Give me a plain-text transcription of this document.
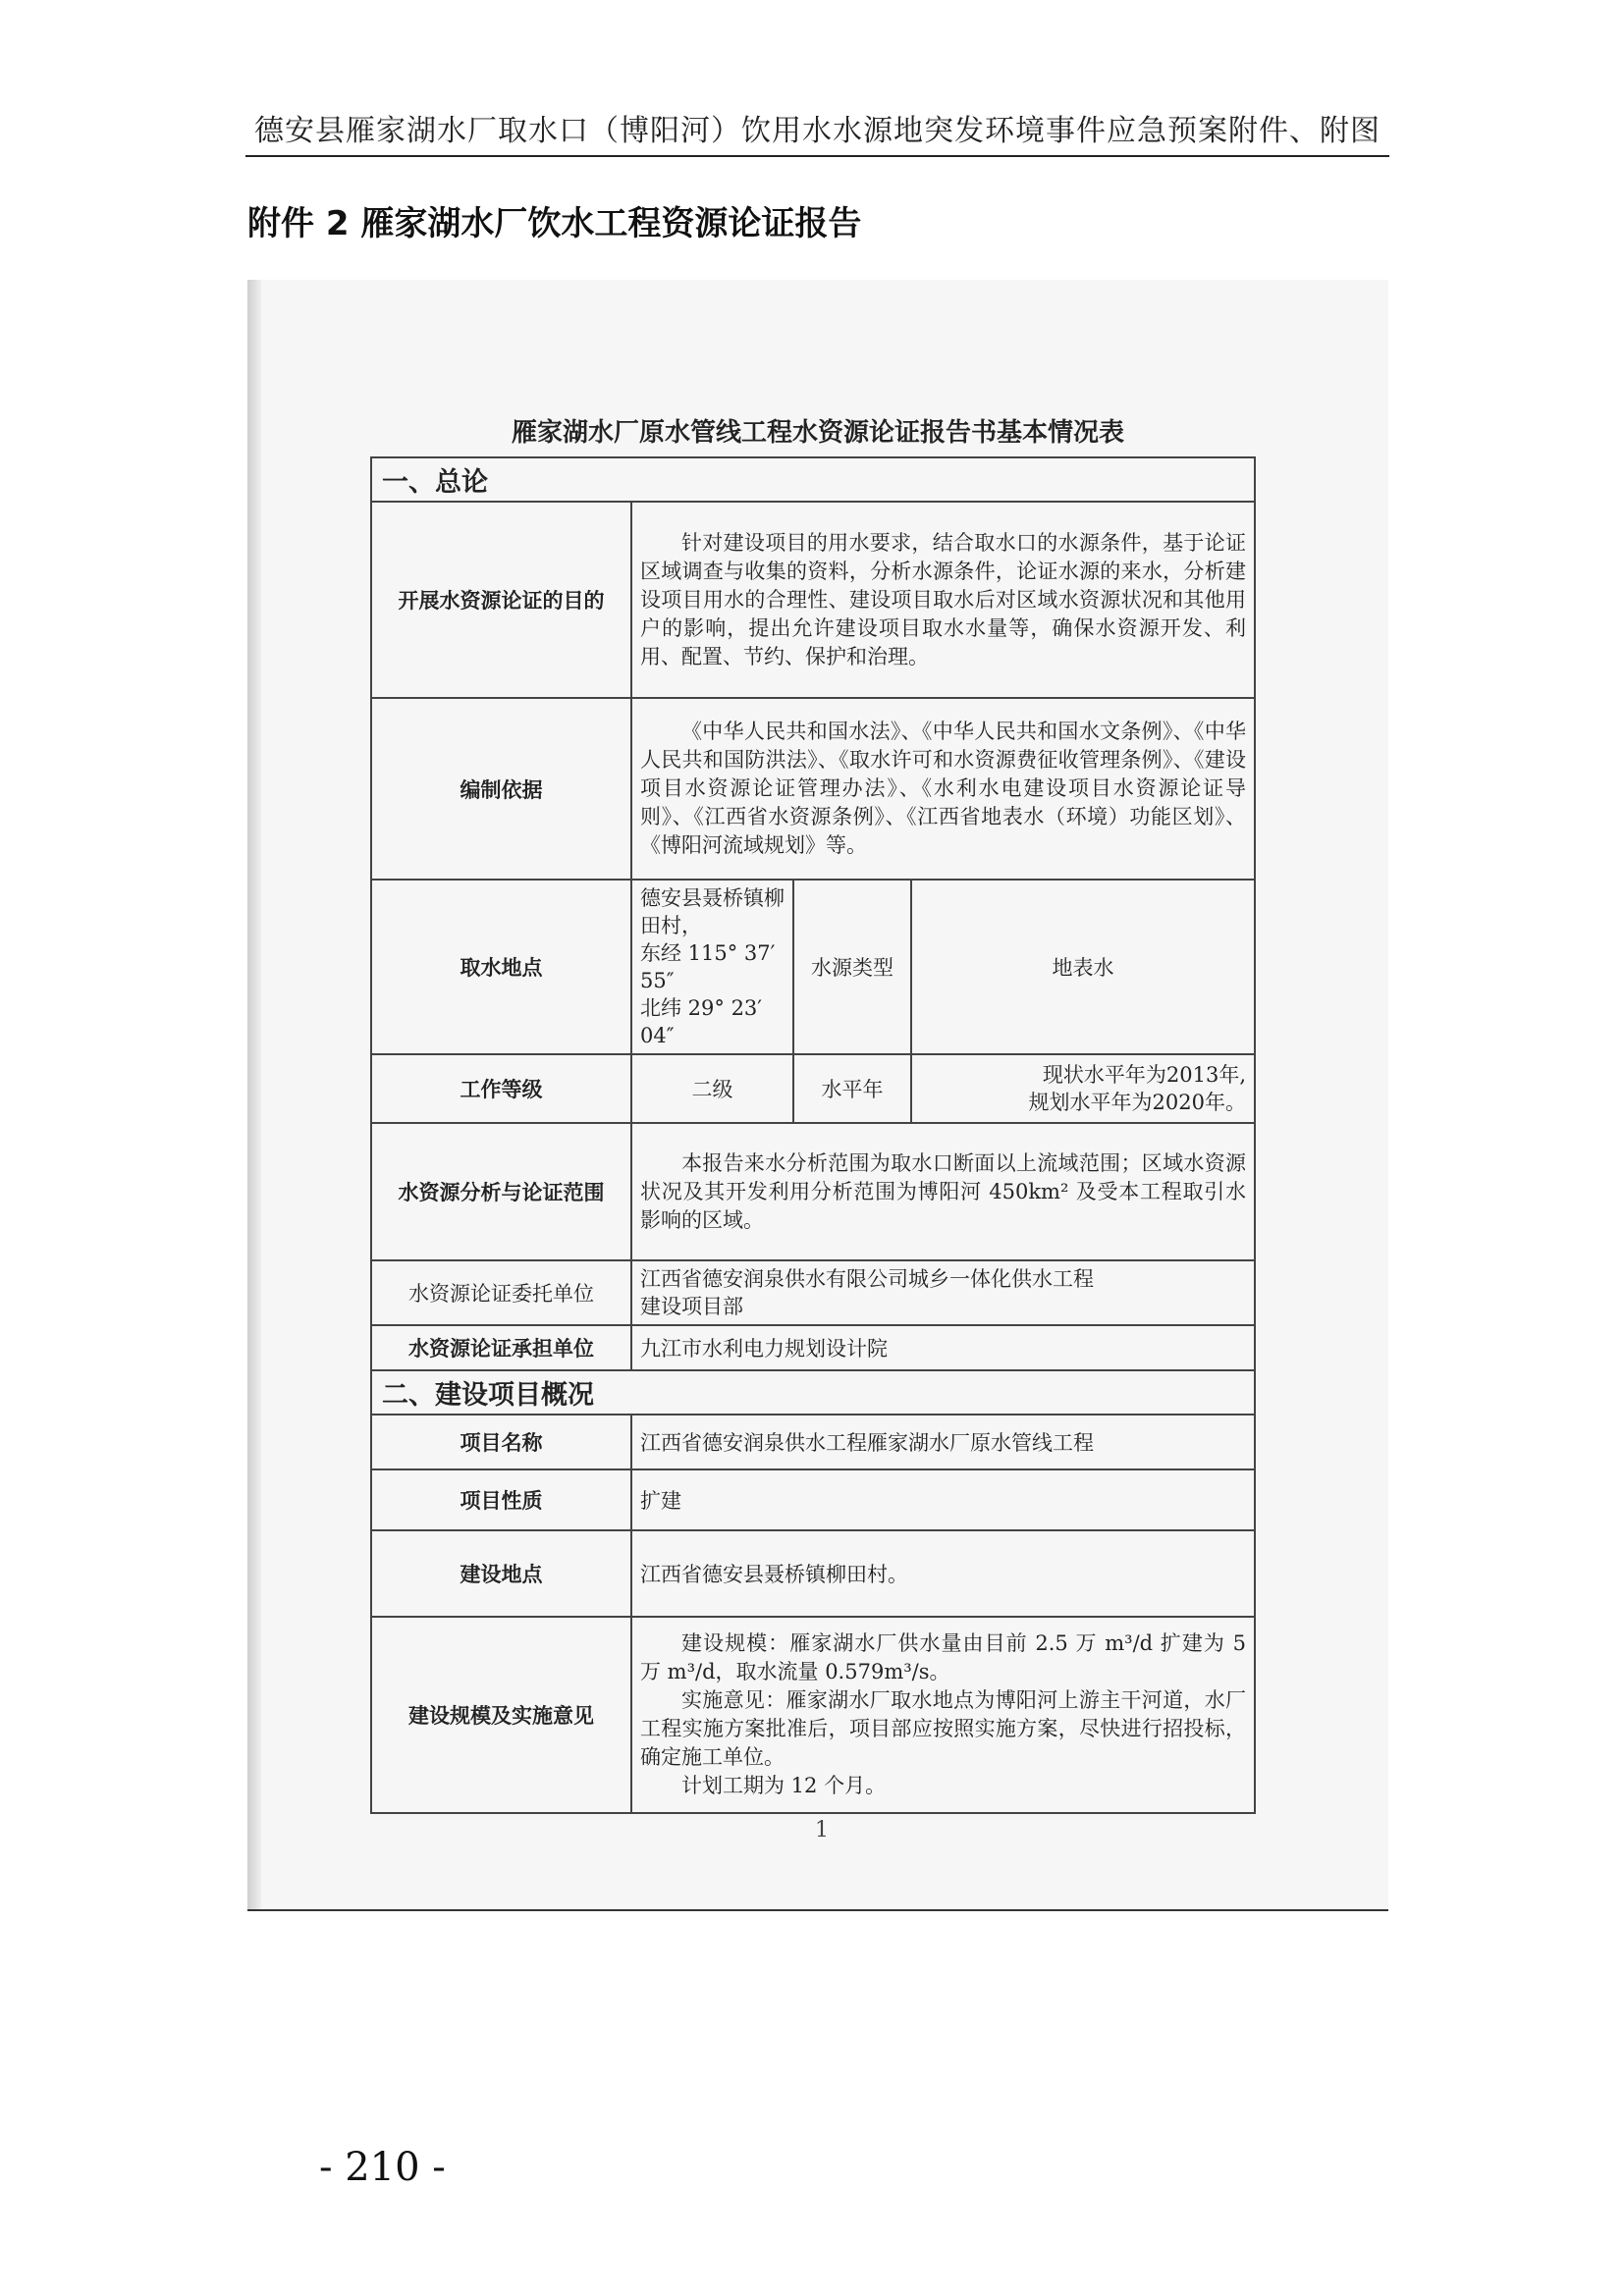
德安县雁家湖水厂取水口（博阳河）饮用水水源地突发环境事件应急预案附件、附图
附件 2 雁家湖水厂饮水工程资源论证报告
雁家湖水厂原水管线工程水资源论证报告书基本情况表
一、总论			
开展水资源论证的目的	针对建设项目的用水要求，结合取水口的水源条件，基于论证区域调查与收集的资料，分析水源条件，论证水源的来水，分析建设项目用水的合理性、建设项目取水后对区域水资源状况和其他用户的影响，提出允许建设项目取水水量等，确保水资源开发、利用、配置、节约、保护和治理。		
编制依据	《中华人民共和国水法》、《中华人民共和国水文条例》、《中华人民共和国防洪法》、《取水许可和水资源费征收管理条例》、《建设项目水资源论证管理办法》、《水利水电建设项目水资源论证导则》、《江西省水资源条例》、《江西省地表水（环境）功能区划》、《博阳河流域规划》等。		
取水地点	德安县聂桥镇柳田村，
东经 115° 37′ 55″
北纬 29° 23′ 04″	水源类型	地表水
工作等级	二级	水平年	现状水平年为2013年,
规划水平年为2020年。

水资源分析与论证范围	本报告来水分析范围为取水口断面以上流域范围；区域水资源状况及其开发利用分析范围为博阳河 450km² 及受本工程取引水影响的区域。		
水资源论证委托单位	江西省德安润泉供水有限公司城乡一体化供水工程
建设项目部		

水资源论证承担单位	九江市水利电力规划设计院		
二、建设项目概况			
项目名称	江西省德安润泉供水工程雁家湖水厂原水管线工程		
项目性质	扩建		
建设地点	江西省德安县聂桥镇柳田村。		
建设规模及实施意见	建设规模：雁家湖水厂供水量由目前 2.5 万 m³/d 扩建为 5 万 m³/d，取水流量 0.579m³/s。
实施意见：雁家湖水厂取水地点为博阳河上游主干河道，水厂工程实施方案批准后，项目部应按照实施方案，尽快进行招投标，确定施工单位。
计划工期为 12 个月。		
1
- 210 -
